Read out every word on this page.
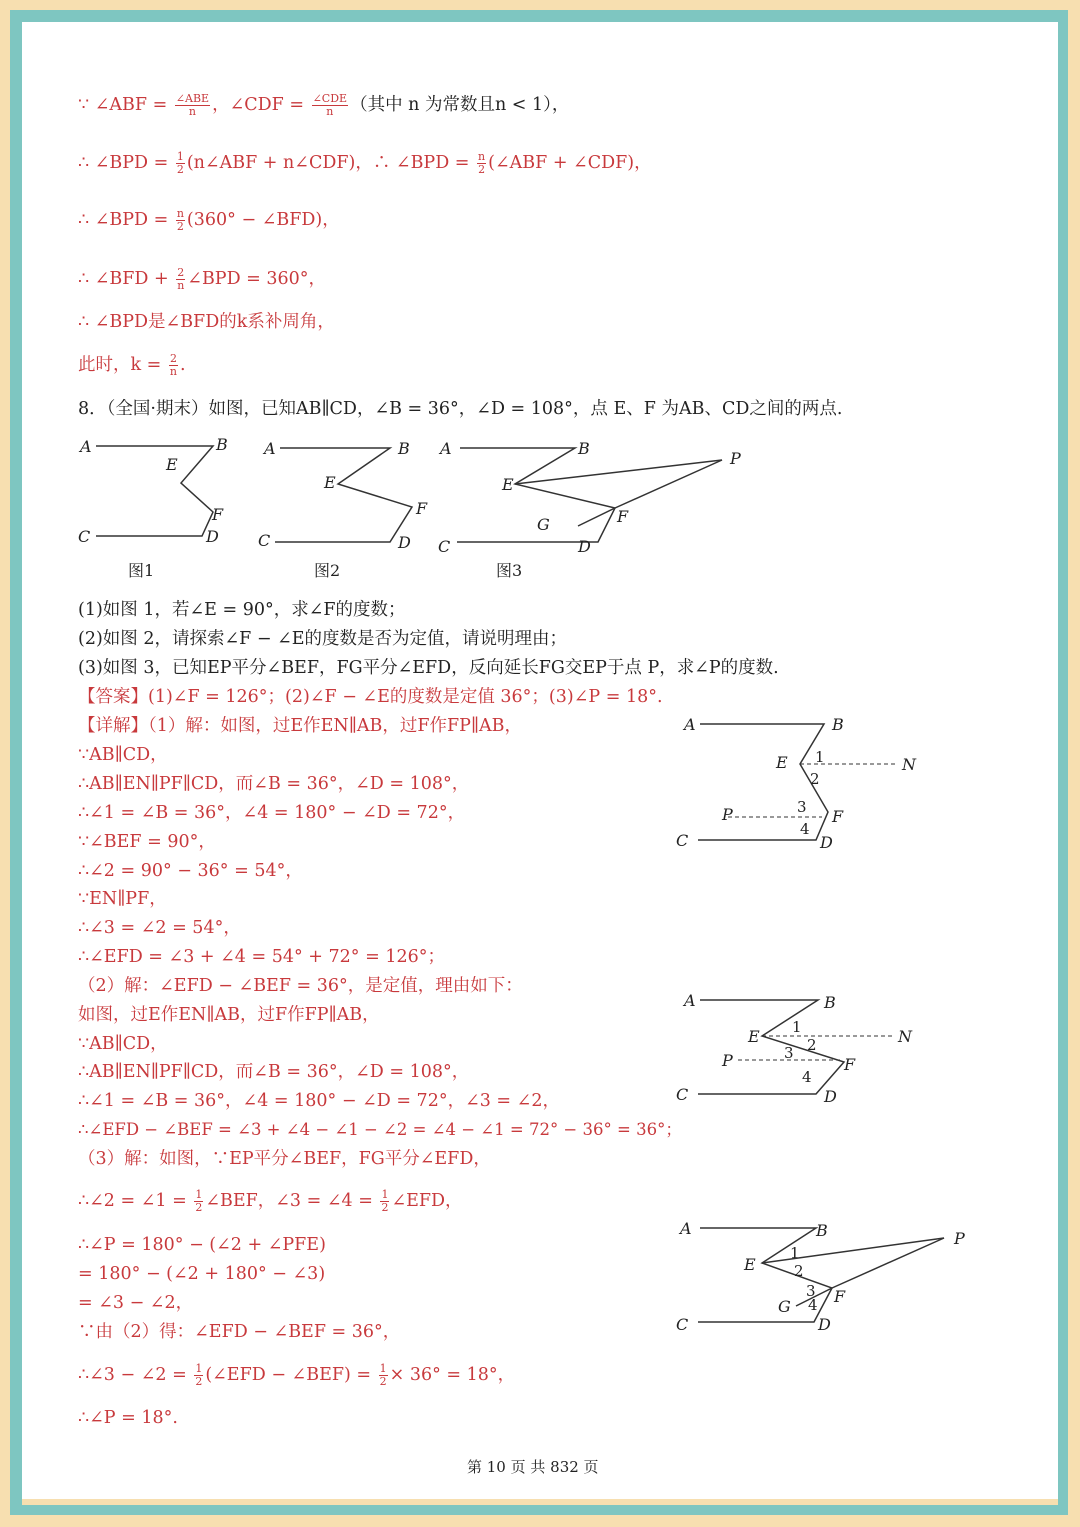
∵ ∠ABF = $\frac{\text{∠ABE}}{n}$ ，∠CDF = $\frac{\text{∠CDE}}{n}$ （其中 n 为常数且n < 1），
∴ ∠BPD = $\frac{1}{2}$ (n∠ABF + n∠CDF)，∴ ∠BPD = $\frac{n}{2}$ (∠ABF + ∠CDF)，
∴ ∠BPD = $\frac{n}{2} (360^\circ$ − ∠BFD)，
∴ ∠BFD + $\frac{2}{n}$ ∠BPD = 360°，
∴ ∠BPD是∠BFD的k系补周角，
此时，$k = \frac{2}{n}$ .
8．（全国·期末）如图，已知AB∥CD，∠B = 36°，∠D = 108°，点 E、F 为AB、CD之间的两点.
A	B
E
F
C	D
A	B
E
F
C	D
A	B
E
P
F
G
C	D
图1	图2	图3
(1)如图 1，若∠E = 90°，求∠F的度数；
(2)如图 2，请探索∠F − ∠E的度数是否为定值，请说明理由；
(3)如图 3，已知EP平分∠BEF，FG平分∠EFD，反向延长FG交EP于点 P，求∠P的度数.
【答案】(1)∠F = 126°；(2)∠F − ∠E的度数是定值 36°；(3)∠P = 18°.
【详解】（1）解：如图，过E作EN∥AB，过F作FP∥AB，
∵AB∥CD，
∴AB∥EN∥PF∥CD，而∠B = 36°，∠D = 108°，
∴∠1 = ∠B = 36°，∠4 = 180° − ∠D = 72°，
∵∠BEF = 90°，
∴∠2 = 90° − 36° = 54°，
∵EN∥PF，
∴∠3 = ∠2 = 54°，
∴∠EFD = ∠3 + ∠4 = 54° + 72° = 126°；
（2）解：∠EFD − ∠BEF = 36°，是定值，理由如下：
如图，过E作EN∥AB，过F作FP∥AB，
∵AB∥CD，
∴AB∥EN∥PF∥CD，而∠B = 36°，∠D = 108°，
∴∠1 = ∠B = 36°，∠4 = 180° − ∠D = 72°，∠3 = ∠2，
∴∠EFD − ∠BEF = ∠3 + ∠4 − ∠1 − ∠2 = ∠4 − ∠1 = 72° − 36° = 36°；
（3）解：如图，∵EP平分∠BEF，FG平分∠EFD，
∴∠2 = ∠1 = $\frac{1}{2}$ ∠BEF，∠3 = ∠4 = $\frac{1}{2}$ ∠EFD，
∴∠P = 180° − (∠2 + ∠PFE)
= 180° − (∠2 + 180° − ∠3)
= ∠3 − ∠2，
∵由（2）得：∠EFD − ∠BEF = 36°，
∴∠3 − ∠2 = $\frac{1}{2}$ (∠EFD − ∠BEF) = $\frac{1}{2} \times 36^\circ = 18^\circ$，
∴∠P = 18°.
A	B
E	N
P	F
C	D
1
2
3
4
A	B
E	N
P	F
C	D
1
2
3
4
A	B
E
P
F
G
C	D
1
2
3
4
第 10 页 共 832 页
